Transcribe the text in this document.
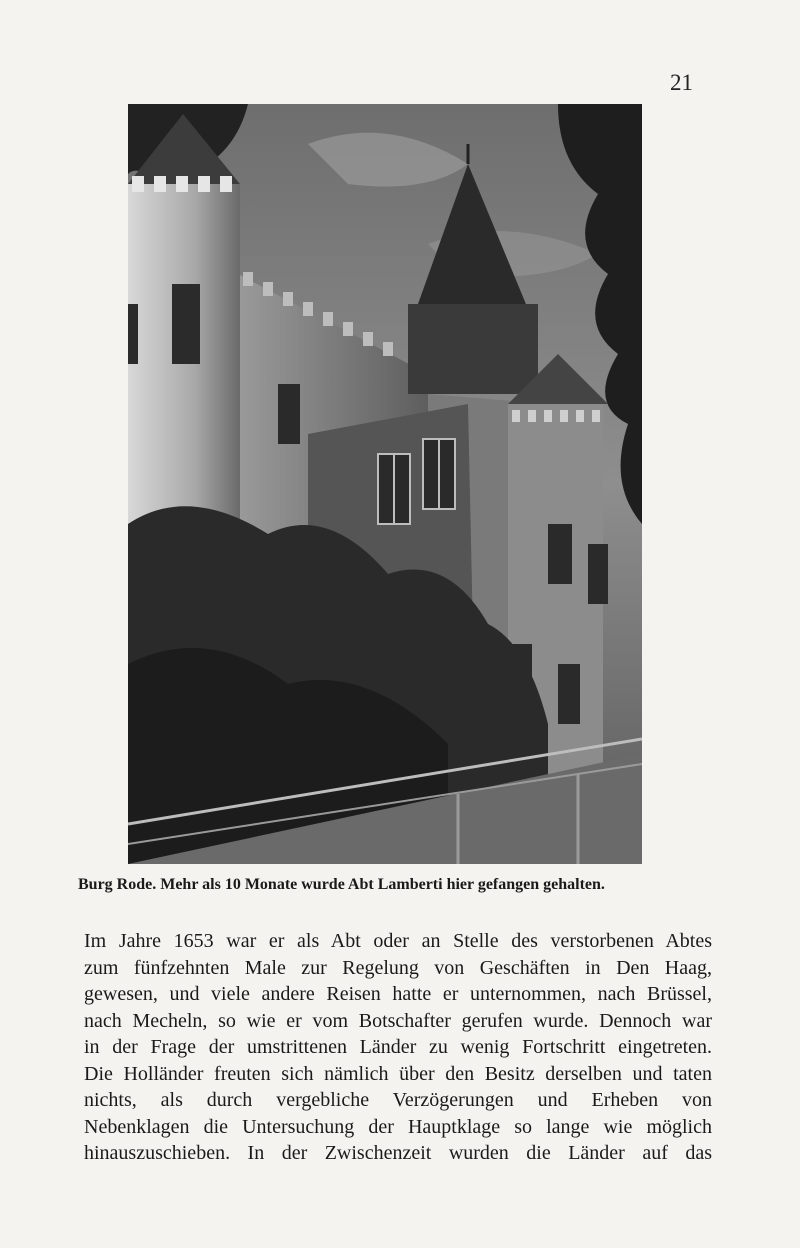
21
Burg Rode. Mehr als 10 Monate wurde Abt Lamberti hier gefangen gehalten.
Im Jahre 1653 war er als Abt oder an Stelle des verstorbenen Abtes
zum fünfzehnten Male zur Regelung von Geschäften in Den Haag,
gewesen, und viele andere Reisen hatte er unternommen, nach Brüssel,
nach Mecheln, so wie er vom Botschafter gerufen wurde. Dennoch war
in der Frage der umstrittenen Länder zu wenig Fortschritt eingetreten.
Die Holländer freuten sich nämlich über den Besitz derselben und taten
nichts, als durch vergebliche Verzögerungen und Erheben von
Nebenklagen die Untersuchung der Hauptklage so lange wie möglich
hinauszuschieben. In der Zwischenzeit wurden die Länder auf das
